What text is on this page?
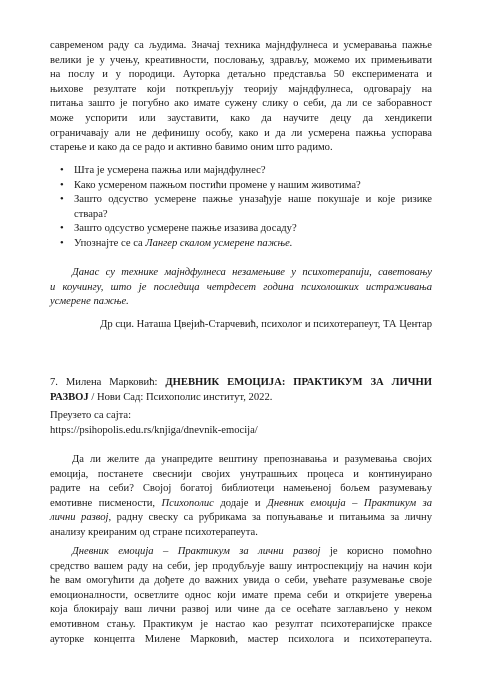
савременом раду са људима. Значај техника мајндфулнеса и усмеравања пажње
велики је у учењу, креативности, пословању, здрављу, можемо их примењивати
на послу и у породици. Ауторка детаљно представља 50 експеримената и
њихове резултате који поткрепљују теорију мајндфулнеса, одговарају на
питања зашто је погубно ако имате сужену слику о себи, да ли се заборавност
може успорити или зауставити, како да научите децу да хендикепи
ограничавају али не дефинишу особу, како и да ли усмерена пажња успорава
старење и како да се радо и активно бавимо оним што радимо.
• Шта је усмерена пажња или мајндфулнес?
• Како усмереном пажњом постићи промене у нашим животима?
• Зашто одсуство усмерене пажње уназађује наше покушаје и које ризике
ствара?
• Зашто одсуство усмерене пажње изазива досаду?
• Упознајте се са Лангер скалом усмерене пажње.
Данас су технике мајндфулнеса незамењиве у психотерапији, саветовању
и коучингу, што је последица четрдесет година психолошких истраживања
усмерене пажње.
Др сци. Наташа Цвејић-Старчевић, психолог и психотерапеут, ТА Центар
7. Милена Марковић: ДНЕВНИК ЕМОЦИЈА: ПРАКТИКУМ ЗА ЛИЧНИ
РАЗВОЈ / Нови Сад: Психополис институт, 2022.
Преузето са сајта:
https://psihopolis.edu.rs/knjiga/dnevnik-emocija/
Да ли желите да унапредите вештину препознавања и разумевања својих
емоција, постанете свеснији својих унутрашњих процеса и континуирано
радите на себи? Својој богатој библиотеци намењеној бољем разумевању
емотивне писмености, Психополис додаје и Дневник емоција – Практикум за
лични развој, радну свеску са рубрикама за попуњавање и питањима за личну
анализу креираним од стране психотерапеута.
Дневник емоција – Практикум за лични развој је корисно помоћно
средство вашем раду на себи, јер продубљује вашу интроспекцију на начин који
ће вам омогућити да дођете до важних увида о себи, увећате разумевање своје
емоционалности, осветлите однос који имате према себи и откријете уверења
која блокирају ваш лични развој или чине да се осећате заглављено у неком
емотивном стању. Практикум је настао као резултат психотерапијске праксе
ауторке концепта Милене Марковић, мастер психолога и психотерапеута.
